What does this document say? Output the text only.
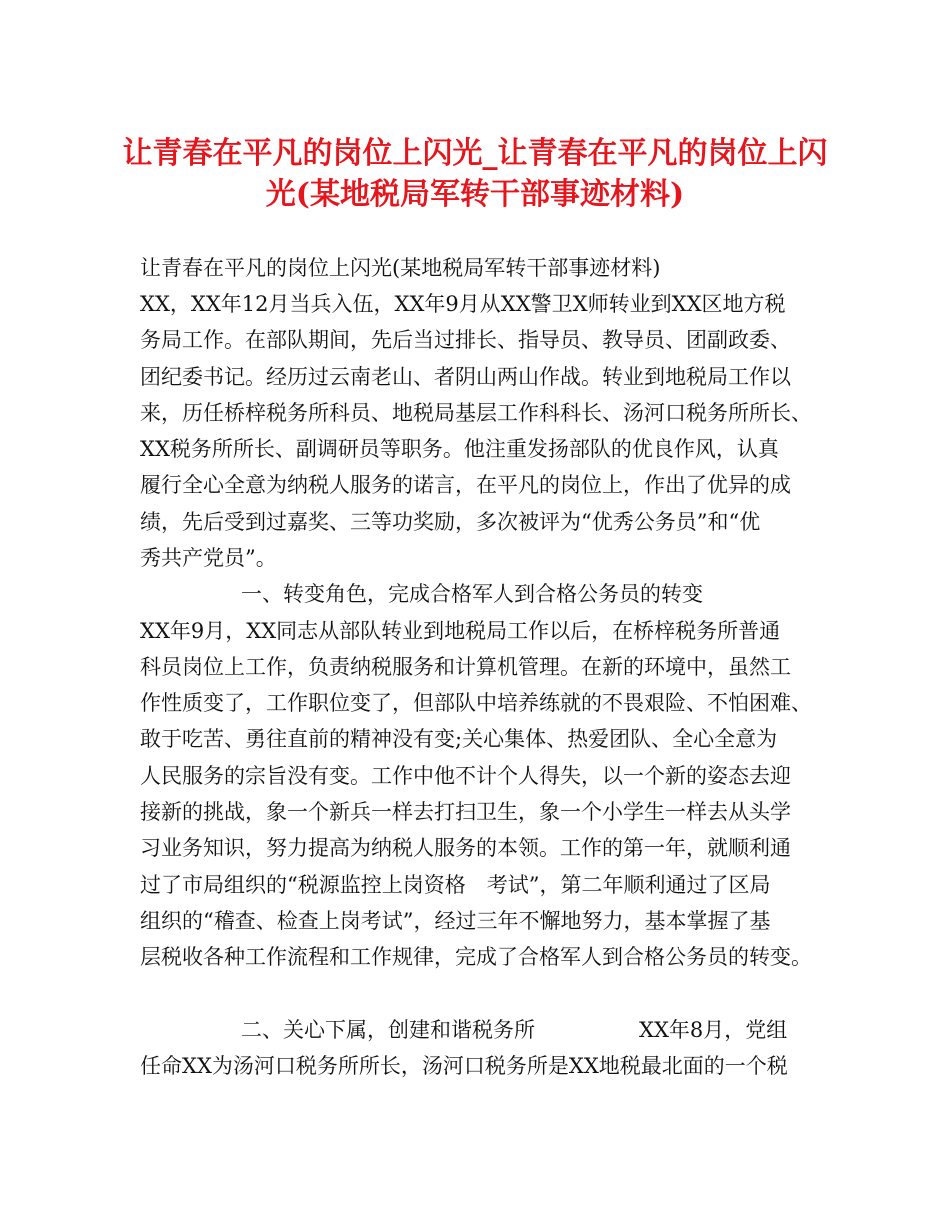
让青春在平凡的岗位上闪光_让青春在平凡的岗位上闪
光(某地税局军转干部事迹材料)
让青春在平凡的岗位上闪光(某地税局军转干部事迹材料)
XX，XX年12月当兵入伍，XX年9月从XX警卫X师转业到XX区地方税
务局工作。在部队期间，先后当过排长、指导员、教导员、团副政委、
团纪委书记。经历过云南老山、者阴山两山作战。转业到地税局工作以
来，历任桥梓税务所科员、地税局基层工作科科长、汤河口税务所所长、
XX税务所所长、副调研员等职务。他注重发扬部队的优良作风，认真
履行全心全意为纳税人服务的诺言，在平凡的岗位上，作出了优异的成
绩，先后受到过嘉奖、三等功奖励，多次被评为“优秀公务员”和“优
秀共产党员”。
一、转变角色，完成合格军人到合格公务员的转变
XX年9月，XX同志从部队转业到地税局工作以后，在桥梓税务所普通
科员岗位上工作，负责纳税服务和计算机管理。在新的环境中，虽然工
作性质变了，工作职位变了，但部队中培养练就的不畏艰险、不怕困难、
敢于吃苦、勇往直前的精神没有变;关心集体、热爱团队、全心全意为
人民服务的宗旨没有变。工作中他不计个人得失，以一个新的姿态去迎
接新的挑战，象一个新兵一样去打扫卫生，象一个小学生一样去从头学
习业务知识，努力提高为纳税人服务的本领。工作的第一年，就顺利通
过了市局组织的“税源监控上岗资格　考试”，第二年顺利通过了区局
组织的“稽查、检查上岗考试”，经过三年不懈地努力，基本掌握了基
层税收各种工作流程和工作规律，完成了合格军人到合格公务员的转变。
二、关心下属，创建和谐税务所	XX年8月，党组
任命XX为汤河口税务所所长，汤河口税务所是XX地税最北面的一个税
